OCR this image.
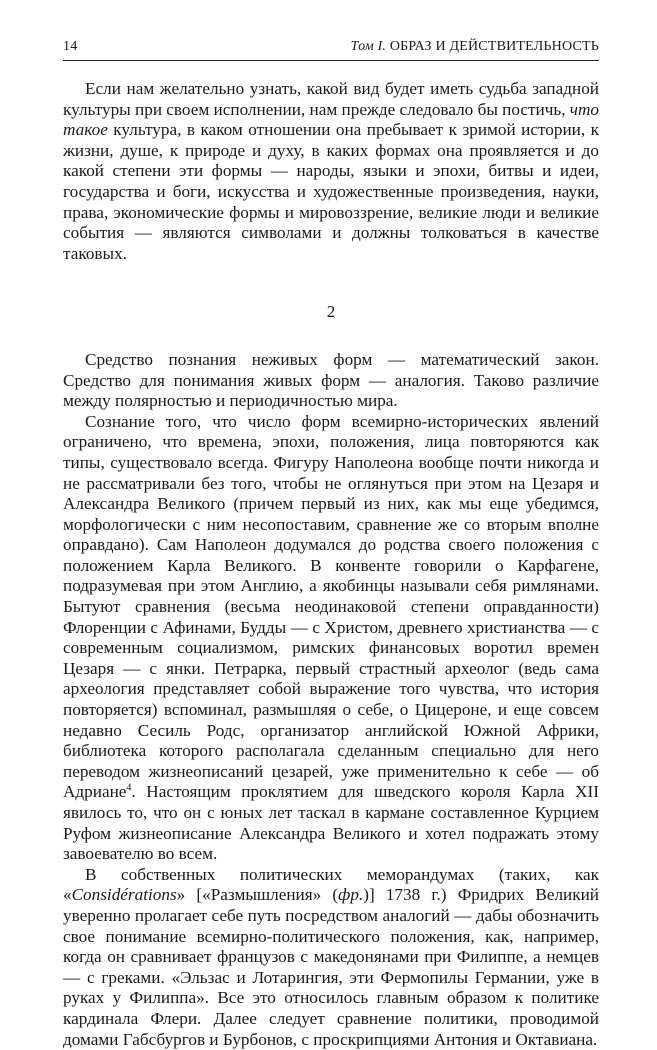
14	Том I. ОБРАЗ И ДЕЙСТВИТЕЛЬНОСТЬ

Если нам желательно узнать, какой вид будет иметь судьба западной культуры при своем исполнении, нам прежде следовало бы постичь, что такое культура, в каком отношении она пребывает к зримой истории, к жизни, душе, к природе и духу, в каких формах она проявляется и до какой степени эти формы — народы, языки и эпохи, битвы и идеи, государства и боги, искусства и художественные произведения, науки, права, экономические формы и мировоззрение, великие люди и великие события — являются символами и должны толковаться в качестве таковых.

2

Средство познания неживых форм — математический закон. Средство для понимания живых форм — аналогия. Таково различие между полярностью и периодичностью мира.

Сознание того, что число форм всемирно-исторических явлений ограничено, что времена, эпохи, положения, лица повторяются как типы, существовало всегда. Фигуру Наполеона вообще почти никогда и не рассматривали без того, чтобы не оглянуться при этом на Цезаря и Александра Великого (причем первый из них, как мы еще убедимся, морфологически с ним несопоставим, сравнение же со вторым вполне оправдано). Сам Наполеон додумался до родства своего положения с положением Карла Великого. В конвенте говорили о Карфагене, подразумевая при этом Англию, а якобинцы называли себя римлянами. Бытуют сравнения (весьма неодинаковой степени оправданности) Флоренции с Афинами, Будды — с Христом, древнего христианства — с современным социализмом, римских финансовых воротил времен Цезаря — с янки. Петрарка, первый страстный археолог (ведь сама археология представляет собой выражение того чувства, что история повторяется) вспоминал, размышляя о себе, о Цицероне, и еще совсем недавно Сесиль Родс, организатор английской Южной Африки, библиотека которого располагала сделанным специально для него переводом жизнеописаний цезарей, уже применительно к себе — об Адриане$^4$. Настоящим проклятием для шведского короля Карла XII явилось то, что он с юных лет таскал в кармане составленное Курцием Руфом жизнеописание Александра Великого и хотел подражать этому завоевателю во всем.

В собственных политических меморандумах (таких, как «Considérations» [«Размышления» (фр.)] 1738 г.) Фридрих Великий уверенно пролагает себе путь посредством аналогий — дабы обозначить свое понимание всемирно-политического положения, как, например, когда он сравнивает французов с македонянами при Филиппе, а немцев — с греками. «Эльзас и Лотарингия, эти Фермопилы Германии, уже в руках у Филиппа». Все это относилось главным образом к политике кардинала Флери. Далее следует сравнение политики, проводимой домами Габсбургов и Бурбонов, с проскрипциями Антония и Октавиана.
